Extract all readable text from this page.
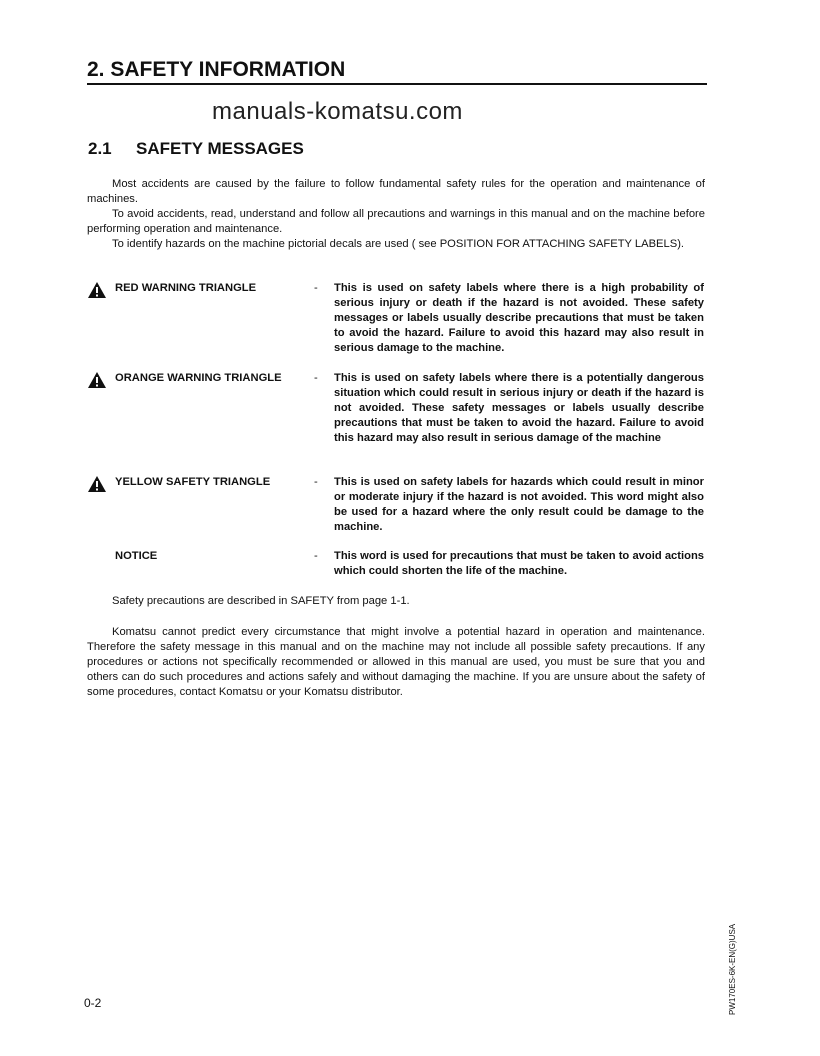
2. SAFETY INFORMATION
manuals-komatsu.com
2.1 SAFETY MESSAGES

Most accidents are caused by the failure to follow fundamental safety rules for the operation and maintenance of machines.

To avoid accidents, read, understand and follow all precautions and warnings in this manual and on the machine before performing operation and maintenance.

To identify hazards on the machine pictorial decals are used ( see POSITION FOR ATTACHING SAFETY LABELS).

RED WARNING TRIANGLE	- This is used on safety labels where there is a high probability of serious injury or death if the hazard is not avoided. These safety messages or labels usually describe precautions that must be taken to avoid the hazard. Failure to avoid this hazard may also result in serious damage to the machine.
ORANGE WARNING TRIANGLE	- This is used on safety labels where there is a potentially dangerous situation which could result in serious injury or death if the hazard is not avoided. These safety messages or labels usually describe precautions that must be taken to avoid the hazard. Failure to avoid this hazard may also result in serious damage of the machine
YELLOW SAFETY TRIANGLE	- This is used on safety labels for hazards which could result in minor or moderate injury if the hazard is not avoided. This word might also be used for a hazard where the only result could be damage to the machine.
NOTICE	- This word is used for precautions that must be taken to avoid actions which could shorten the life of the machine.

Safety precautions are described in SAFETY from page 1-1.

Komatsu cannot predict every circumstance that might involve a potential hazard in operation and maintenance. Therefore the safety message in this manual and on the machine may not include all possible safety precautions. If any procedures or actions not specifically recommended or allowed in this manual are used, you must be sure that you and others can do such procedures and actions safely and without damaging the machine. If you are unsure about the safety of some procedures, contact Komatsu or your Komatsu distributor.

0-2	PW170ES-6K-EN(G)USA
